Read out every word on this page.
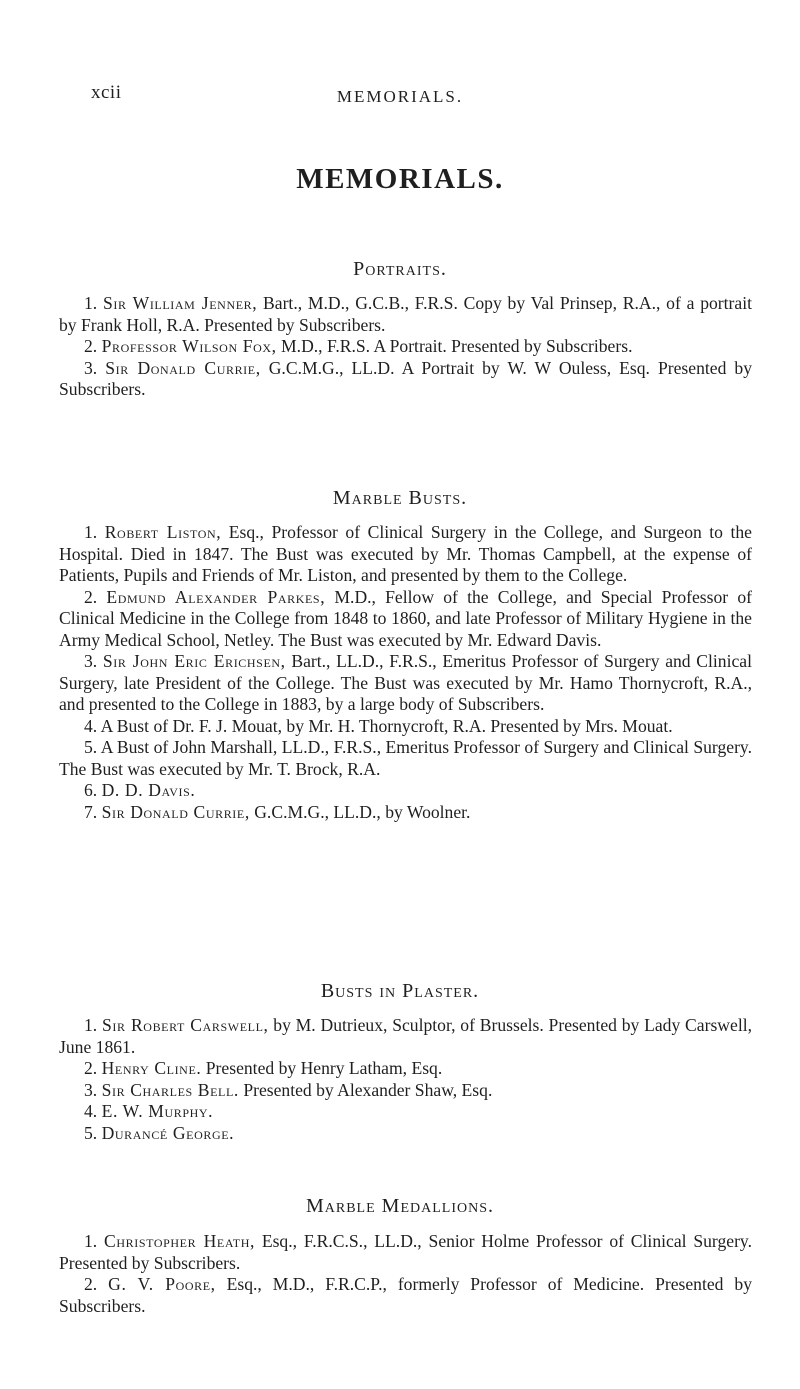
xcii	MEMORIALS.
MEMORIALS.
Portraits.

1. Sir William Jenner, Bart., M.D., G.C.B., F.R.S. Copy by Val Prinsep, R.A., of a portrait by Frank Holl, R.A. Presented by Subscribers.

2. Professor Wilson Fox, M.D., F.R.S. A Portrait. Presented by Subscribers.

3. Sir Donald Currie, G.C.M.G., LL.D. A Portrait by W. W Ouless, Esq. Presented by Subscribers.

Marble Busts.

1. Robert Liston, Esq., Professor of Clinical Surgery in the College, and Surgeon to the Hospital. Died in 1847. The Bust was executed by Mr. Thomas Campbell, at the expense of Patients, Pupils and Friends of Mr. Liston, and presented by them to the College.

2. Edmund Alexander Parkes, M.D., Fellow of the College, and Special Professor of Clinical Medicine in the College from 1848 to 1860, and late Professor of Military Hygiene in the Army Medical School, Netley. The Bust was executed by Mr. Edward Davis.

3. Sir John Eric Erichsen, Bart., LL.D., F.R.S., Emeritus Professor of Surgery and Clinical Surgery, late President of the College. The Bust was executed by Mr. Hamo Thornycroft, R.A., and presented to the College in 1883, by a large body of Subscribers.

4. A Bust of Dr. F. J. Mouat, by Mr. H. Thornycroft, R.A. Presented by Mrs. Mouat.

5. A Bust of John Marshall, LL.D., F.R.S., Emeritus Professor of Surgery and Clinical Surgery. The Bust was executed by Mr. T. Brock, R.A.

6. D. D. Davis.

7. Sir Donald Currie, G.C.M.G., LL.D., by Woolner.

Busts in Plaster.

1. Sir Robert Carswell, by M. Dutrieux, Sculptor, of Brussels. Presented by Lady Carswell, June 1861.

2. Henry Cline. Presented by Henry Latham, Esq.

3. Sir Charles Bell. Presented by Alexander Shaw, Esq.

4. E. W. Murphy.

5. Durancé George.

Marble Medallions.

1. Christopher Heath, Esq., F.R.C.S., LL.D., Senior Holme Professor of Clinical Surgery. Presented by Subscribers.

2. G. V. Poore, Esq., M.D., F.R.C.P., formerly Professor of Medicine. Presented by Subscribers.
